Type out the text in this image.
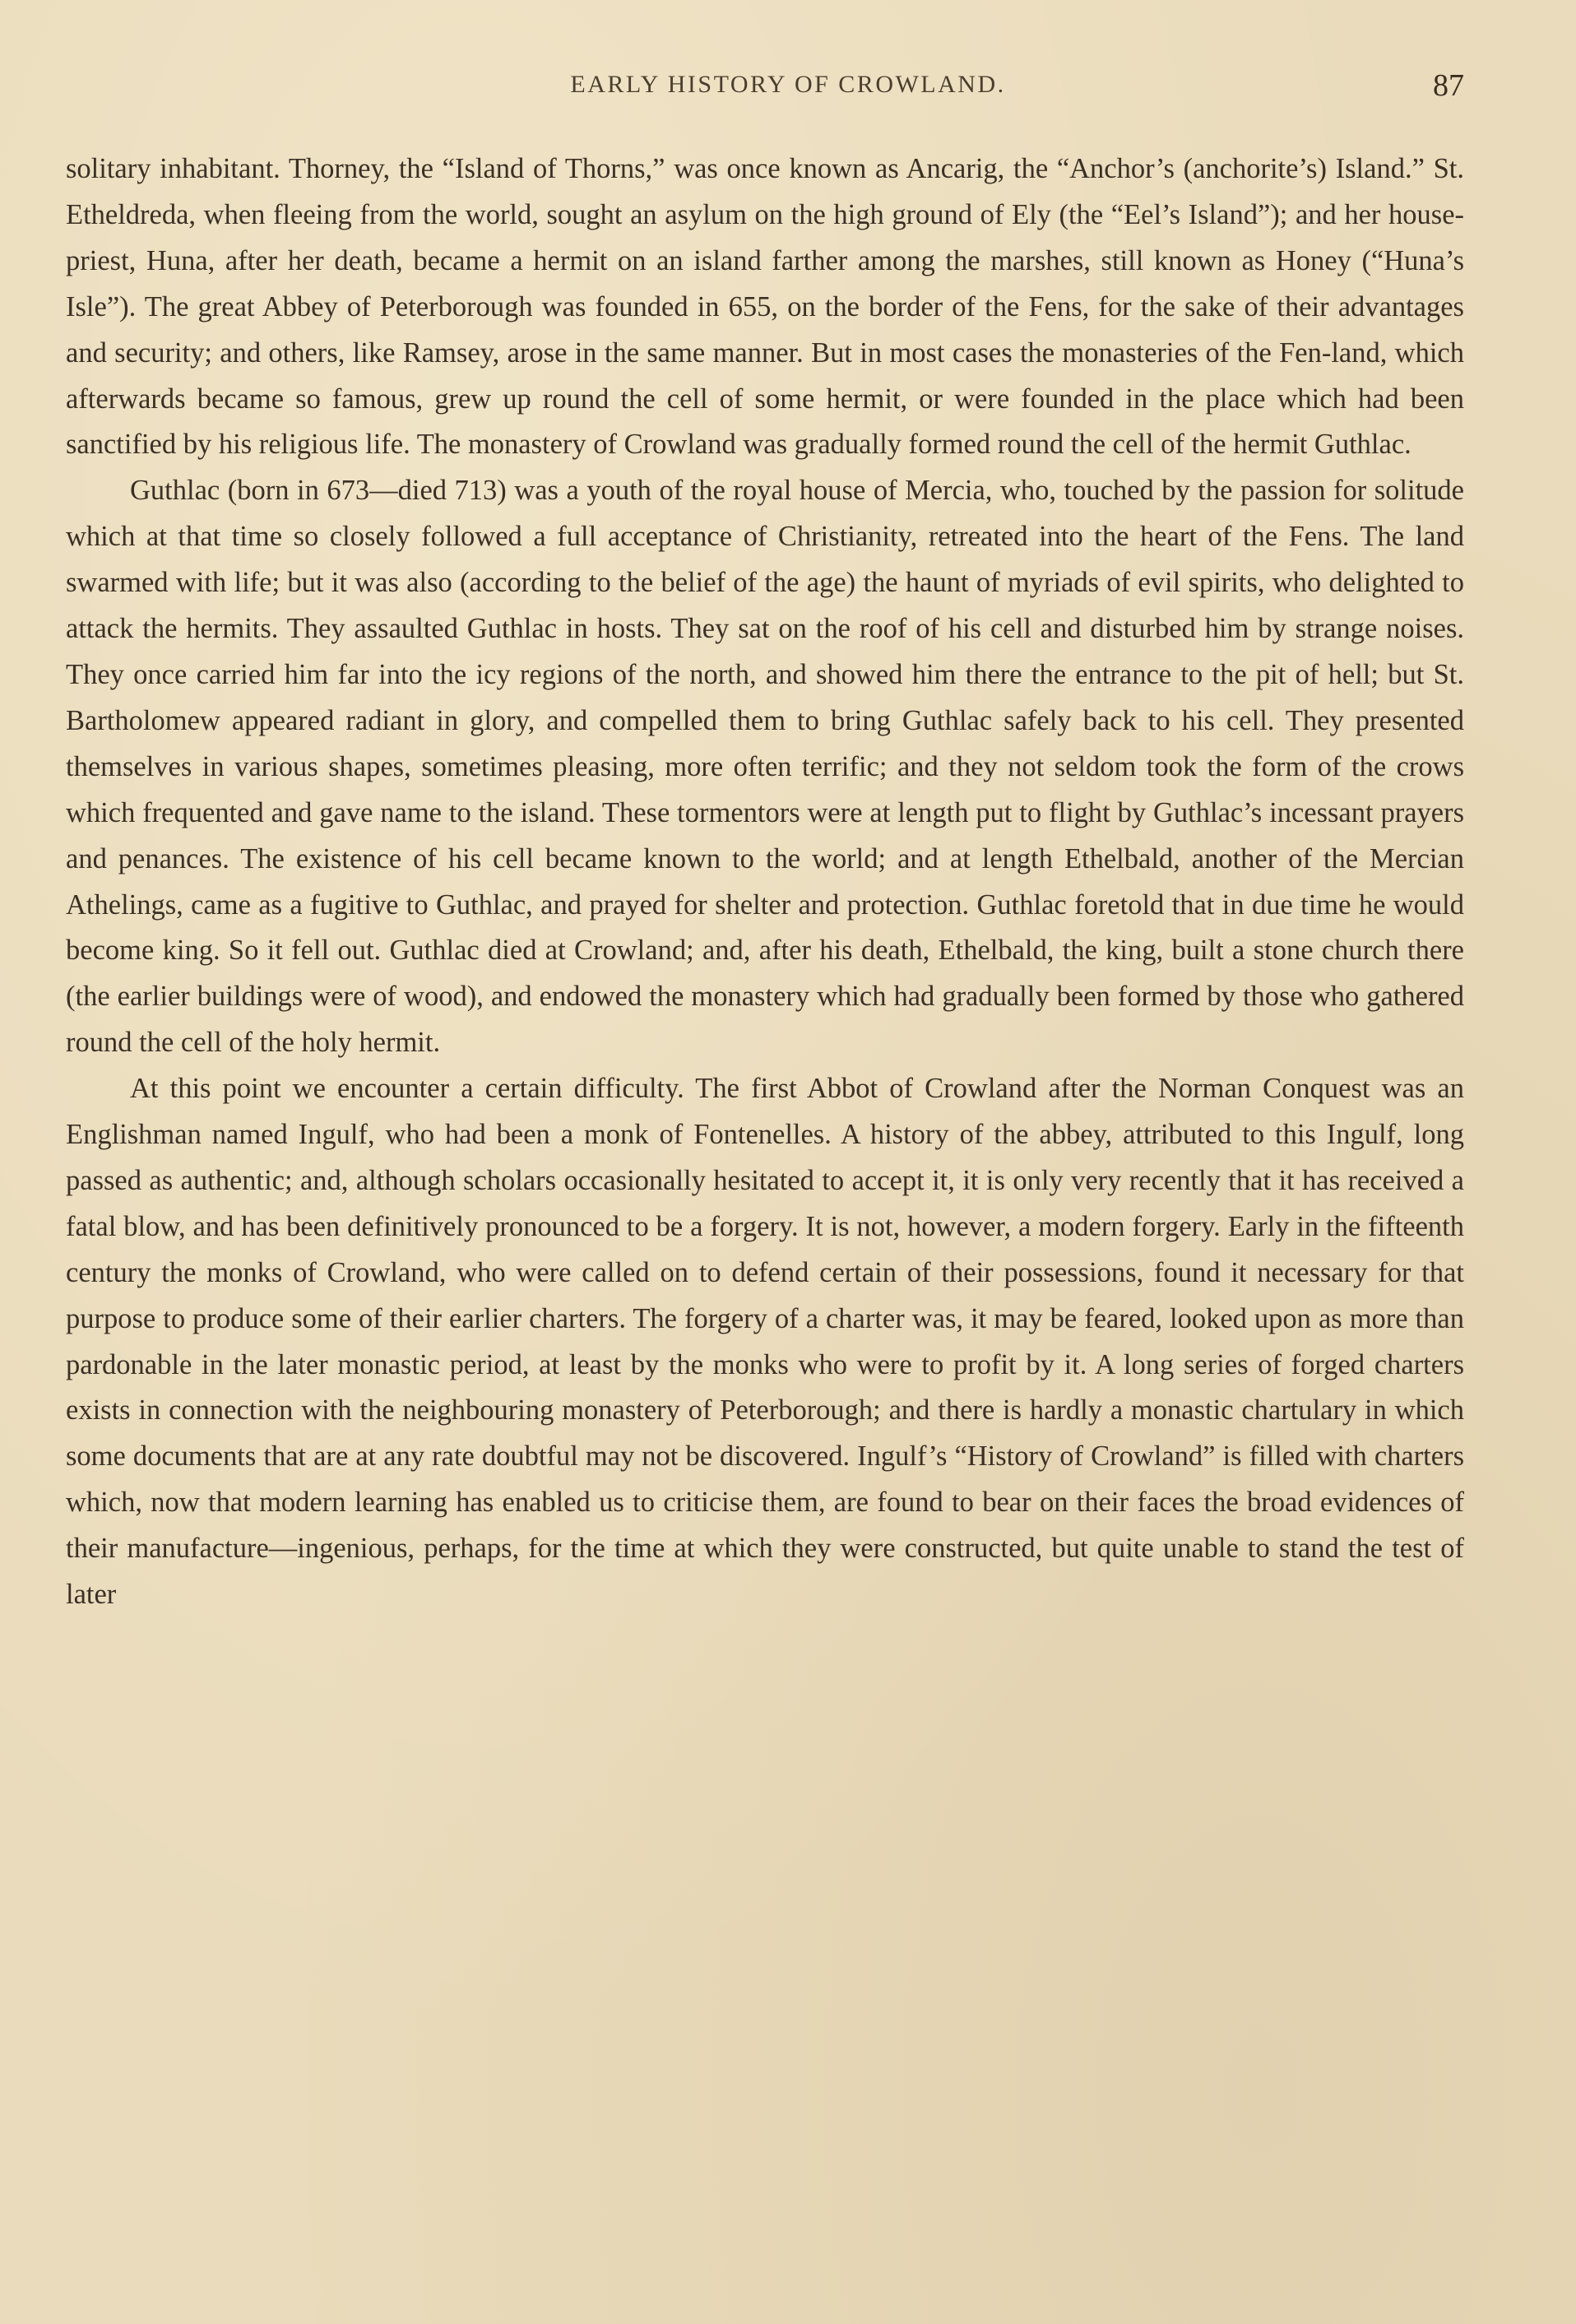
EARLY HISTORY OF CROWLAND.	87

solitary inhabitant. Thorney, the “Island of Thorns,” was once known as Ancarig, the “Anchor’s (anchorite’s) Island.” St. Etheldreda, when fleeing from the world, sought an asylum on the high ground of Ely (the “Eel’s Island”); and her house-priest, Huna, after her death, became a hermit on an island farther among the marshes, still known as Honey (“Huna’s Isle”). The great Abbey of Peterborough was founded in 655, on the border of the Fens, for the sake of their advantages and security; and others, like Ramsey, arose in the same manner. But in most cases the monasteries of the Fen-land, which afterwards became so famous, grew up round the cell of some hermit, or were founded in the place which had been sanctified by his religious life. The monastery of Crowland was gradually formed round the cell of the hermit Guthlac.

Guthlac (born in 673—died 713) was a youth of the royal house of Mercia, who, touched by the passion for solitude which at that time so closely followed a full acceptance of Christianity, retreated into the heart of the Fens. The land swarmed with life; but it was also (according to the belief of the age) the haunt of myriads of evil spirits, who delighted to attack the hermits. They assaulted Guthlac in hosts. They sat on the roof of his cell and disturbed him by strange noises. They once carried him far into the icy regions of the north, and showed him there the entrance to the pit of hell; but St. Bartholomew appeared radiant in glory, and compelled them to bring Guthlac safely back to his cell. They presented themselves in various shapes, sometimes pleasing, more often terrific; and they not seldom took the form of the crows which frequented and gave name to the island. These tormentors were at length put to flight by Guthlac’s incessant prayers and penances. The existence of his cell became known to the world; and at length Ethelbald, another of the Mercian Athelings, came as a fugitive to Guthlac, and prayed for shelter and protection. Guthlac foretold that in due time he would become king. So it fell out. Guthlac died at Crowland; and, after his death, Ethelbald, the king, built a stone church there (the earlier buildings were of wood), and endowed the monastery which had gradually been formed by those who gathered round the cell of the holy hermit.

At this point we encounter a certain difficulty. The first Abbot of Crowland after the Norman Conquest was an Englishman named Ingulf, who had been a monk of Fontenelles. A history of the abbey, attributed to this Ingulf, long passed as authentic; and, although scholars occasionally hesitated to accept it, it is only very recently that it has received a fatal blow, and has been definitively pronounced to be a forgery. It is not, however, a modern forgery. Early in the fifteenth century the monks of Crowland, who were called on to defend certain of their possessions, found it necessary for that purpose to produce some of their earlier charters. The forgery of a charter was, it may be feared, looked upon as more than pardonable in the later monastic period, at least by the monks who were to profit by it. A long series of forged charters exists in connection with the neighbouring monastery of Peterborough; and there is hardly a monastic chartulary in which some documents that are at any rate doubtful may not be discovered. Ingulf’s “History of Crowland” is filled with charters which, now that modern learning has enabled us to criticise them, are found to bear on their faces the broad evidences of their manufacture—ingenious, perhaps, for the time at which they were constructed, but quite unable to stand the test of later
